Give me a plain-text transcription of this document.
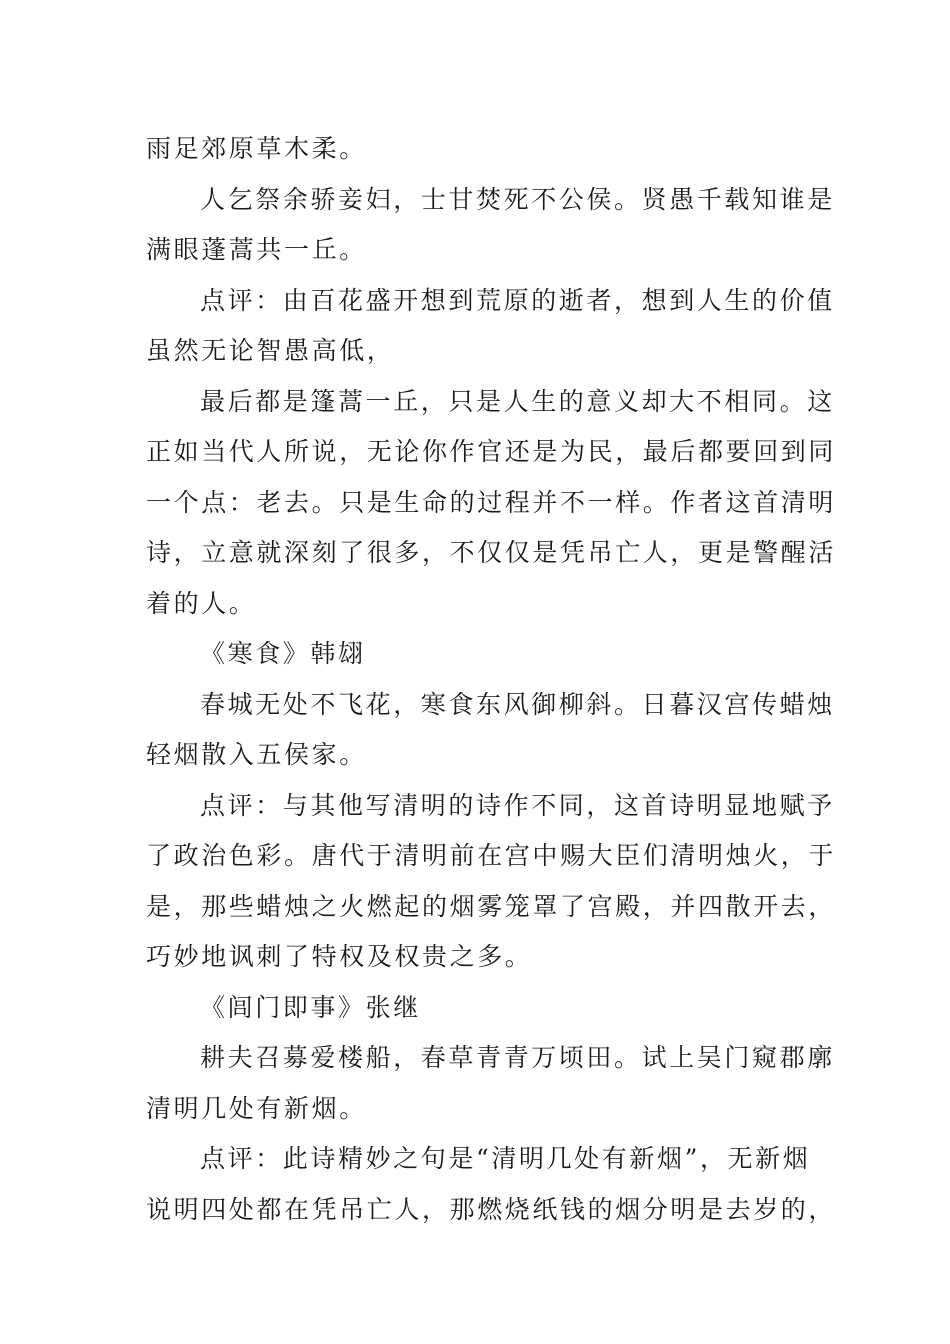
雨足郊原草木柔。
人乞祭余骄妾妇，士甘焚死不公侯。贤愚千载知谁是
满眼蓬蒿共一丘。
点评：由百花盛开想到荒原的逝者，想到人生的价值
虽然无论智愚高低，
最后都是篷蒿一丘，只是人生的意义却大不相同。这
正如当代人所说，无论你作官还是为民，最后都要回到同
一个点：老去。只是生命的过程并不一样。作者这首清明
诗，立意就深刻了很多，不仅仅是凭吊亡人，更是警醒活
着的人。
《寒食》韩翃
春城无处不飞花，寒食东风御柳斜。日暮汉宫传蜡烛
轻烟散入五侯家。
点评：与其他写清明的诗作不同，这首诗明显地赋予
了政治色彩。唐代于清明前在宫中赐大臣们清明烛火，于
是，那些蜡烛之火燃起的烟雾笼罩了宫殿，并四散开去，
巧妙地讽刺了特权及权贵之多。
《闾门即事》张继
耕夫召募爱楼船，春草青青万顷田。试上吴门窥郡廓
清明几处有新烟。
点评：此诗精妙之句是“清明几处有新烟”，无新烟
说明四处都在凭吊亡人，那燃烧纸钱的烟分明是去岁的，
